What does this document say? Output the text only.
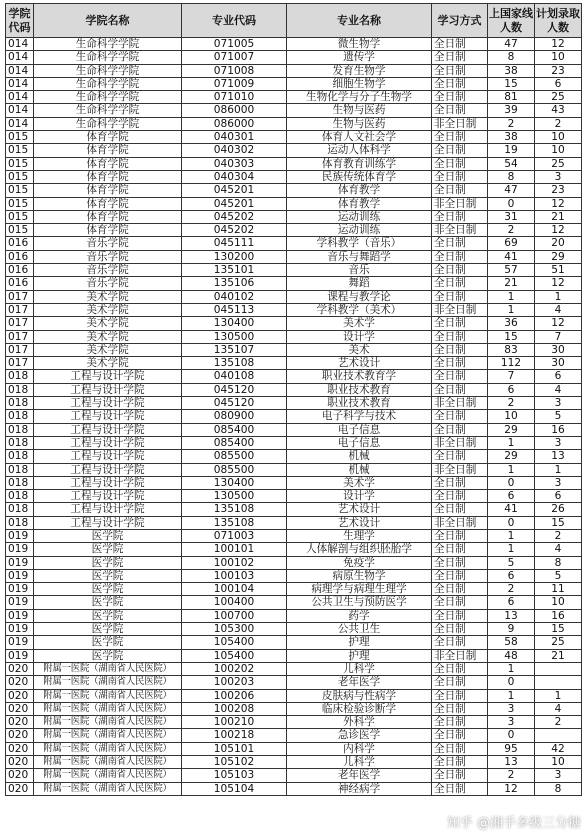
学院代码	学院名称	专业代码	专业名称	学习方式	上国家线人数	计划录取人数
014	生命科学学院	071005	微生物学	全日制	47	12
014	生命科学学院	071007	遗传学	全日制	8	10
014	生命科学学院	071008	发育生物学	全日制	38	23
014	生命科学学院	071009	细胞生物学	全日制	15	6
014	生命科学学院	071010	生物化学与分子生物学	全日制	81	25
014	生命科学学院	086000	生物与医药	全日制	39	43
014	生命科学学院	086000	生物与医药	非全日制	2	2
015	体育学院	040301	体育人文社会学	全日制	38	10
015	体育学院	040302	运动人体科学	全日制	19	10
015	体育学院	040303	体育教育训练学	全日制	54	25
015	体育学院	040304	民族传统体育学	全日制	8	3
015	体育学院	045201	体育教学	全日制	47	23
015	体育学院	045201	体育教学	非全日制	0	12
015	体育学院	045202	运动训练	全日制	31	21
015	体育学院	045202	运动训练	非全日制	2	12
016	音乐学院	045111	学科教学（音乐）	全日制	69	20
016	音乐学院	130200	音乐与舞蹈学	全日制	41	29
016	音乐学院	135101	音乐	全日制	57	51
016	音乐学院	135106	舞蹈	全日制	21	12
017	美术学院	040102	课程与教学论	全日制	1	1
017	美术学院	045113	学科教学（美术）	非全日制	1	4
017	美术学院	130400	美术学	全日制	36	12
017	美术学院	130500	设计学	全日制	15	7
017	美术学院	135107	美术	全日制	83	30
017	美术学院	135108	艺术设计	全日制	112	30
018	工程与设计学院	040108	职业技术教育学	全日制	7	6
018	工程与设计学院	045120	职业技术教育	全日制	6	4
018	工程与设计学院	045120	职业技术教育	非全日制	2	3
018	工程与设计学院	080900	电子科学与技术	全日制	10	5
018	工程与设计学院	085400	电子信息	全日制	29	16
018	工程与设计学院	085400	电子信息	非全日制	1	3
018	工程与设计学院	085500	机械	全日制	29	13
018	工程与设计学院	085500	机械	非全日制	1	1
018	工程与设计学院	130400	美术学	全日制	0	3
018	工程与设计学院	130500	设计学	全日制	6	6
018	工程与设计学院	135108	艺术设计	全日制	41	26
018	工程与设计学院	135108	艺术设计	非全日制	0	15
019	医学院	071003	生理学	全日制	1	2
019	医学院	100101	人体解剖与组织胚胎学	全日制	1	4
019	医学院	100102	免疫学	全日制	5	8
019	医学院	100103	病原生物学	全日制	6	5
019	医学院	100104	病理学与病理生理学	全日制	2	11
019	医学院	100400	公共卫生与预防医学	全日制	6	10
019	医学院	100700	药学	全日制	13	16
019	医学院	105300	公共卫生	全日制	9	15
019	医学院	105400	护理	全日制	58	25
019	医学院	105400	护理	非全日制	48	21
020	附属一医院（湖南省人民医院）	100202	儿科学	全日制	1	
020	附属一医院（湖南省人民医院）	100203	老年医学	全日制	0	
020	附属一医院（湖南省人民医院）	100206	皮肤病与性病学	全日制	1	1
020	附属一医院（湖南省人民医院）	100208	临床检验诊断学	全日制	3	4
020	附属一医院（湖南省人民医院）	100210	外科学	全日制	3	2
020	附属一医院（湖南省人民医院）	100218	急诊医学	全日制	0	
020	附属一医院（湖南省人民医院）	105101	内科学	全日制	95	42
020	附属一医院（湖南省人民医院）	105102	儿科学	全日制	13	10
020	附属一医院（湖南省人民医院）	105103	老年医学	全日制	2	3
020	附属一医院（湖南省人民医院）	105104	神经病学	全日制	12	8
知乎 @湘手多级三分糖
